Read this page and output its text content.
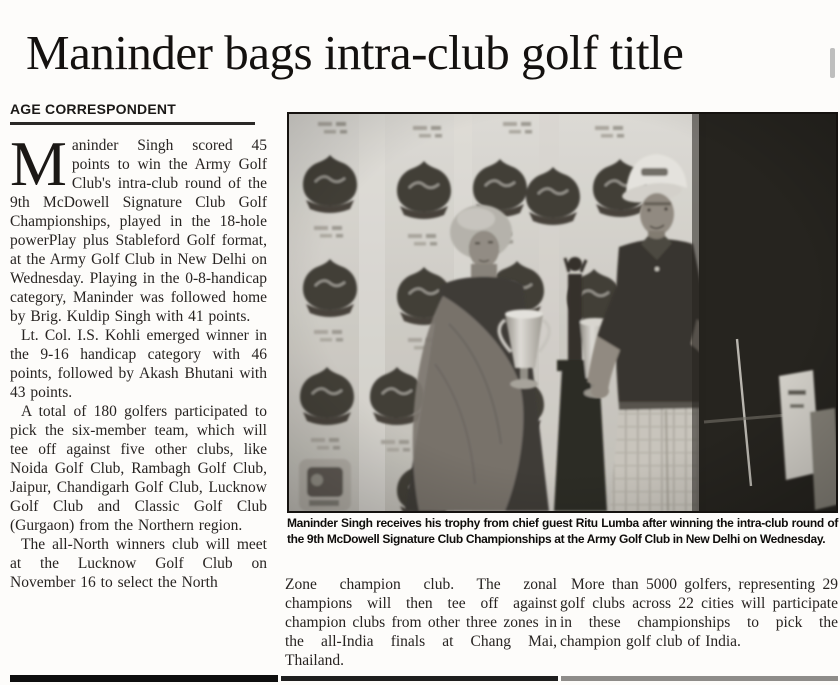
Maninder bags intra-club golf title
AGE CORRESPONDENT

Maninder Singh scored 45 points to win the Army Golf Club's intra-club round of the 9th McDowell Signature Club Golf Championships, played in the 18-hole powerPlay plus Stableford Golf format, at the Army Golf Club in New Delhi on Wednesday. Playing in the 0-8-handicap category, Maninder was followed home by Brig. Kuldip Singh with 41 points.

Lt. Col. I.S. Kohli emerged winner in the 9-16 handicap category with 46 points, followed by Akash Bhutani with 43 points.

A total of 180 golfers participated to pick the six-member team, which will tee off against five other clubs, like Noida Golf Club, Rambagh Golf Club, Jaipur, Chandigarh Golf Club, Lucknow Golf Club and Classic Golf Club (Gurgaon) from the Northern region.

The all-North winners club will meet at the Lucknow Golf Club on November 16 to select the North

Maninder Singh receives his trophy from chief guest Ritu Lumba after winning the intra-club round of the 9th McDowell Signature Club Championships at the Army Golf Club in New Delhi on Wednesday.

Zone champion club. The zonal champions will then tee off against champion clubs from other three zones in the all-India finals at Chang Mai, Thailand.

More than 5000 golfers, representing 29 golf clubs across 22 cities will participate in these championships to pick the champion golf club of India.
